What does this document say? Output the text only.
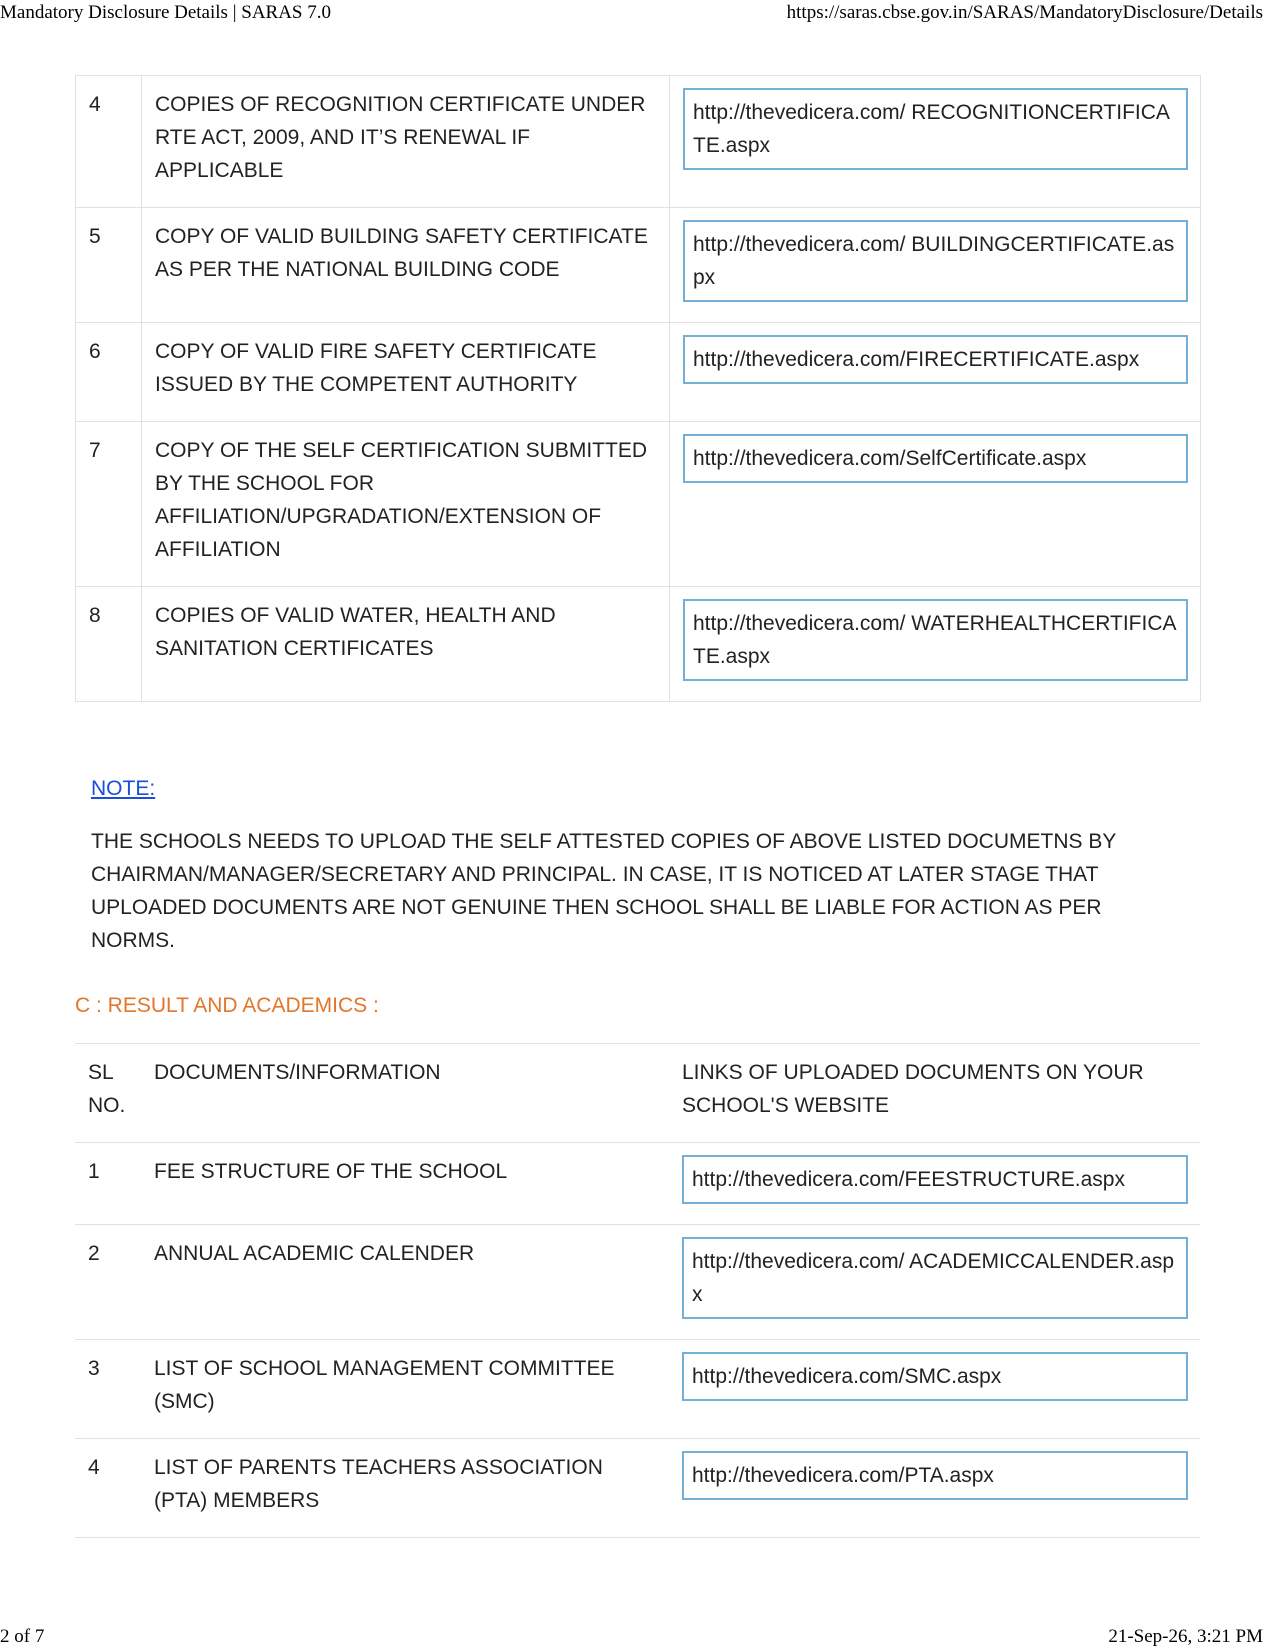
Mandatory Disclosure Details | SARAS 7.0	https://saras.cbse.gov.in/SARAS/MandatoryDisclosure/Details
4	COPIES OF RECOGNITION CERTIFICATE UNDER RTE ACT, 2009, AND IT’S RENEWAL IF APPLICABLE	http://thevedicera.com/ RECOGNITIONCERTIFICATE.aspx

5	COPY OF VALID BUILDING SAFETY CERTIFICATE AS PER THE NATIONAL BUILDING CODE	http://thevedicera.com/ BUILDINGCERTIFICATE.aspx

6	COPY OF VALID FIRE SAFETY CERTIFICATE ISSUED BY THE COMPETENT AUTHORITY	http://thevedicera.com/FIRECERTIFICATE.aspx

7	COPY OF THE SELF CERTIFICATION SUBMITTED BY THE SCHOOL FOR AFFILIATION/UPGRADATION/EXTENSION OF AFFILIATION	http://thevedicera.com/SelfCertificate.aspx

8	COPIES OF VALID WATER, HEALTH AND SANITATION CERTIFICATES	http://thevedicera.com/ WATERHEALTHCERTIFICATE.aspx
NOTE:
THE SCHOOLS NEEDS TO UPLOAD THE SELF ATTESTED COPIES OF ABOVE LISTED DOCUMETNS BY CHAIRMAN/MANAGER/SECRETARY AND PRINCIPAL. IN CASE, IT IS NOTICED AT LATER STAGE THAT UPLOADED DOCUMENTS ARE NOT GENUINE THEN SCHOOL SHALL BE LIABLE FOR ACTION AS PER NORMS.
C : RESULT AND ACADEMICS :
SL NO.	DOCUMENTS/INFORMATION	LINKS OF UPLOADED DOCUMENTS ON YOUR SCHOOL'S WEBSITE
1	FEE STRUCTURE OF THE SCHOOL	http://thevedicera.com/FEESTRUCTURE.aspx

2	ANNUAL ACADEMIC CALENDER	http://thevedicera.com/ ACADEMICCALENDER.aspx

3	LIST OF SCHOOL MANAGEMENT COMMITTEE (SMC)	http://thevedicera.com/SMC.aspx

4	LIST OF PARENTS TEACHERS ASSOCIATION (PTA) MEMBERS	http://thevedicera.com/PTA.aspx
2 of 7	21-Sep-26, 3:21 PM
